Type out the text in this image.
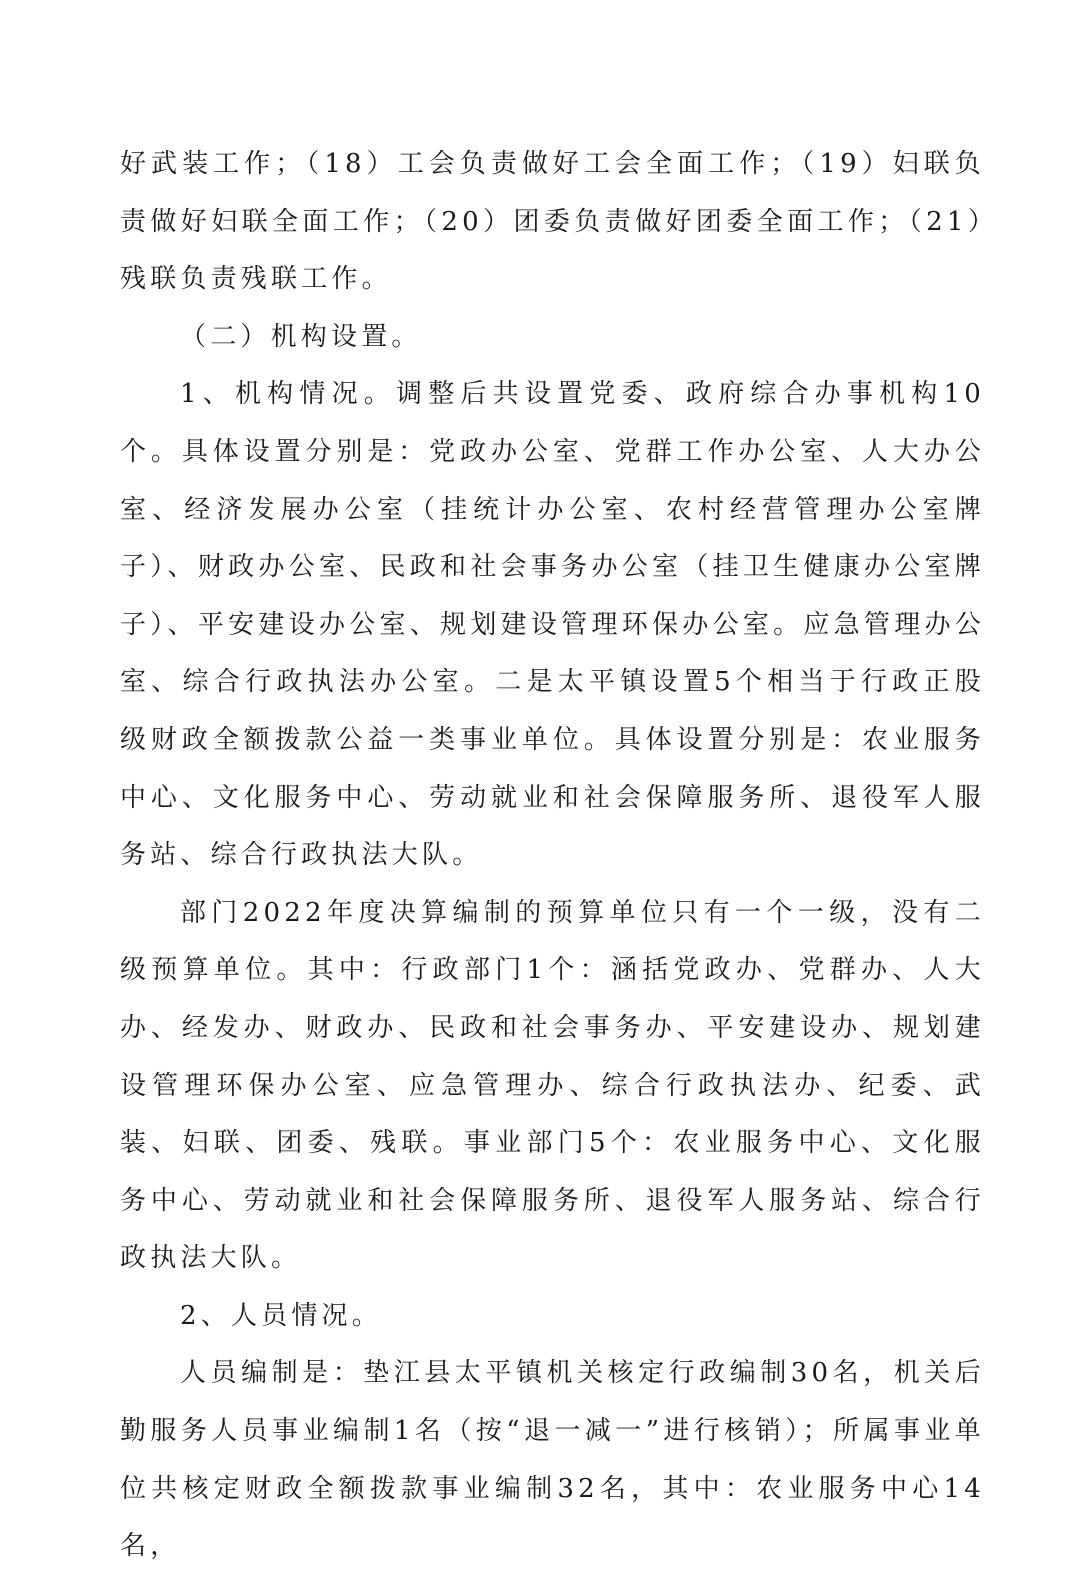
好武装工作；（18）工会负责做好工会全面工作；（19）妇联负责做好妇联全面工作；（20）团委负责做好团委全面工作；（21）残联负责残联工作。

（二）机构设置。

1、机构情况。调整后共设置党委、政府综合办事机构10个。具体设置分别是：党政办公室、党群工作办公室、人大办公室、经济发展办公室（挂统计办公室、农村经营管理办公室牌子）、财政办公室、民政和社会事务办公室（挂卫生健康办公室牌子）、平安建设办公室、规划建设管理环保办公室。应急管理办公室、综合行政执法办公室。二是太平镇设置5个相当于行政正股级财政全额拨款公益一类事业单位。具体设置分别是：农业服务中心、文化服务中心、劳动就业和社会保障服务所、退役军人服务站、综合行政执法大队。

部门2022年度决算编制的预算单位只有一个一级，没有二级预算单位。其中：行政部门1个：涵括党政办、党群办、人大办、经发办、财政办、民政和社会事务办、平安建设办、规划建设管理环保办公室、应急管理办、综合行政执法办、纪委、武装、妇联、团委、残联。事业部门5个：农业服务中心、文化服务中心、劳动就业和社会保障服务所、退役军人服务站、综合行政执法大队。

2、人员情况。

人员编制是：垫江县太平镇机关核定行政编制30名，机关后勤服务人员事业编制1名（按“退一减一”进行核销）；所属事业单位共核定财政全额拨款事业编制32名，其中：农业服务中心14名，
